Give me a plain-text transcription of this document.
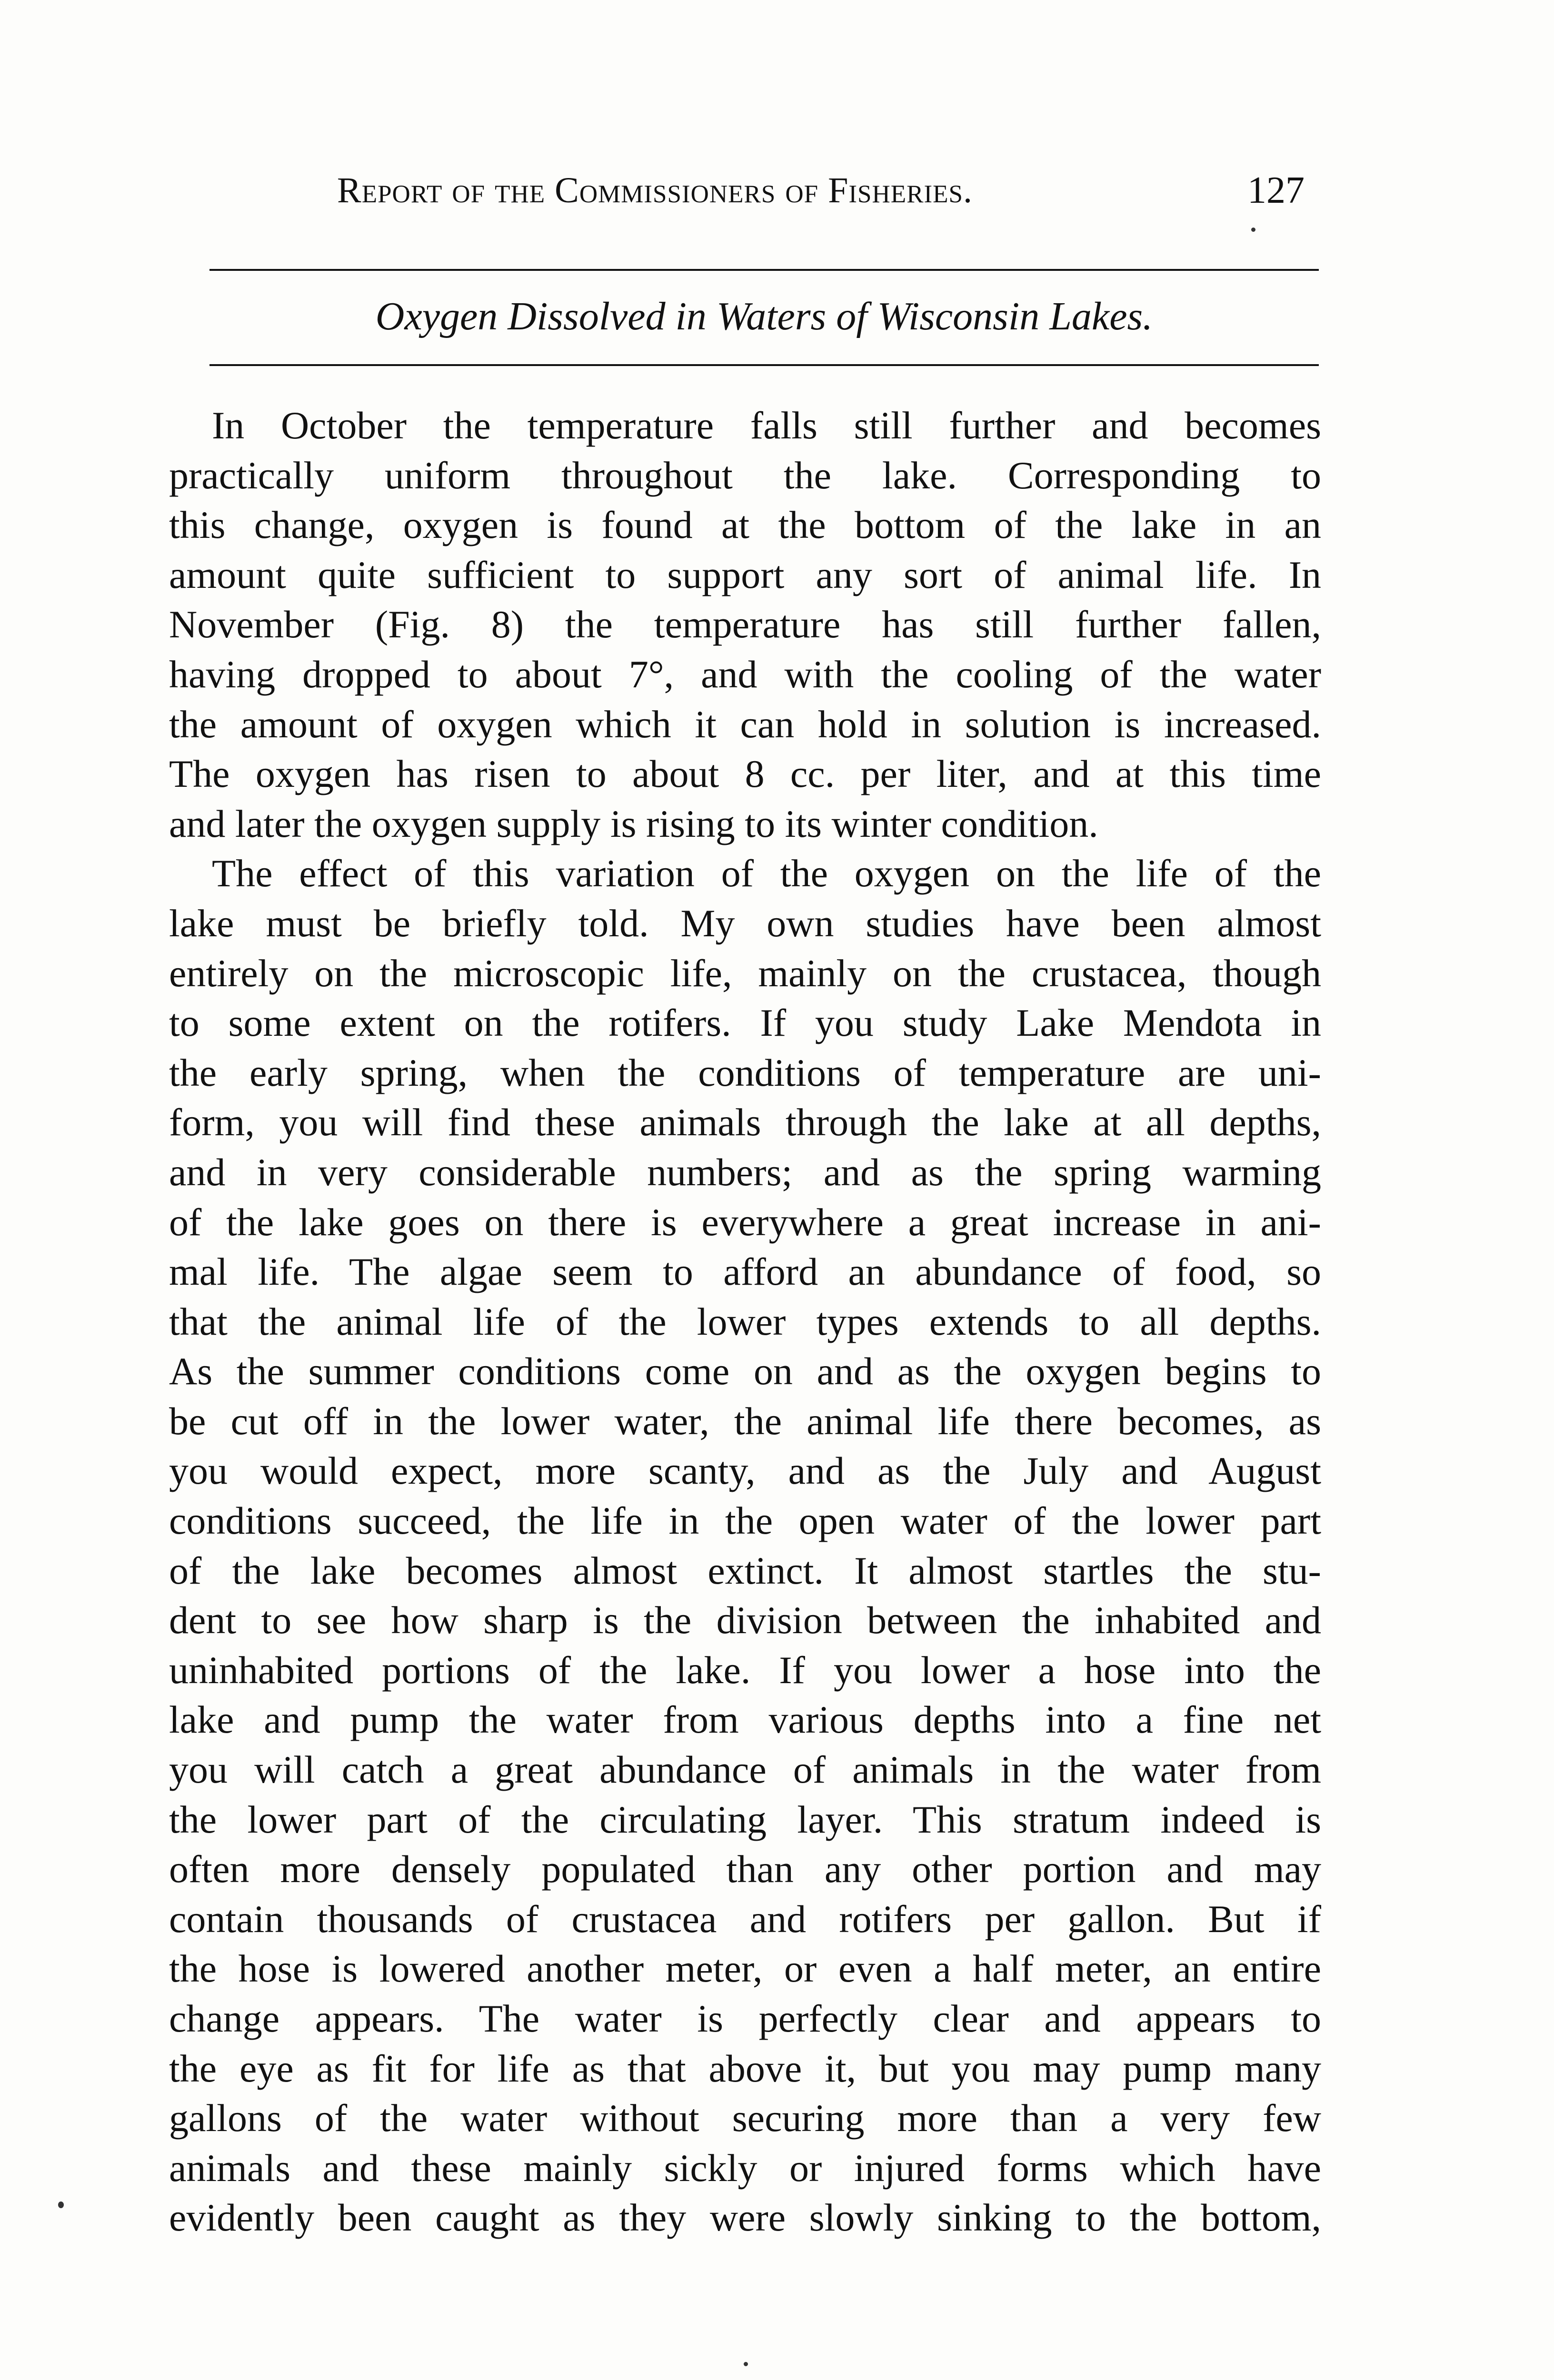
Report of the Commissioners of Fisheries.	127
Oxygen Dissolved in Waters of Wisconsin Lakes.
In October the temperature falls still further and becomes
practically uniform throughout the lake. Corresponding to
this change, oxygen is found at the bottom of the lake in an
amount quite sufficient to support any sort of animal life. In
November (Fig. 8) the temperature has still further fallen,
having dropped to about 7°, and with the cooling of the water
the amount of oxygen which it can hold in solution is increased.
The oxygen has risen to about 8 cc. per liter, and at this time
and later the oxygen supply is rising to its winter condition.
The effect of this variation of the oxygen on the life of the
lake must be briefly told. My own studies have been almost
entirely on the microscopic life, mainly on the crustacea, though
to some extent on the rotifers. If you study Lake Mendota in
the early spring, when the conditions of temperature are uni-
form, you will find these animals through the lake at all depths,
and in very considerable numbers; and as the spring warming
of the lake goes on there is everywhere a great increase in ani-
mal life. The algae seem to afford an abundance of food, so
that the animal life of the lower types extends to all depths.
As the summer conditions come on and as the oxygen begins to
be cut off in the lower water, the animal life there becomes, as
you would expect, more scanty, and as the July and August
conditions succeed, the life in the open water of the lower part
of the lake becomes almost extinct. It almost startles the stu-
dent to see how sharp is the division between the inhabited and
uninhabited portions of the lake. If you lower a hose into the
lake and pump the water from various depths into a fine net
you will catch a great abundance of animals in the water from
the lower part of the circulating layer. This stratum indeed is
often more densely populated than any other portion and may
contain thousands of crustacea and rotifers per gallon. But if
the hose is lowered another meter, or even a half meter, an entire
change appears. The water is perfectly clear and appears to
the eye as fit for life as that above it, but you may pump many
gallons of the water without securing more than a very few
animals and these mainly sickly or injured forms which have
evidently been caught as they were slowly sinking to the bottom,
